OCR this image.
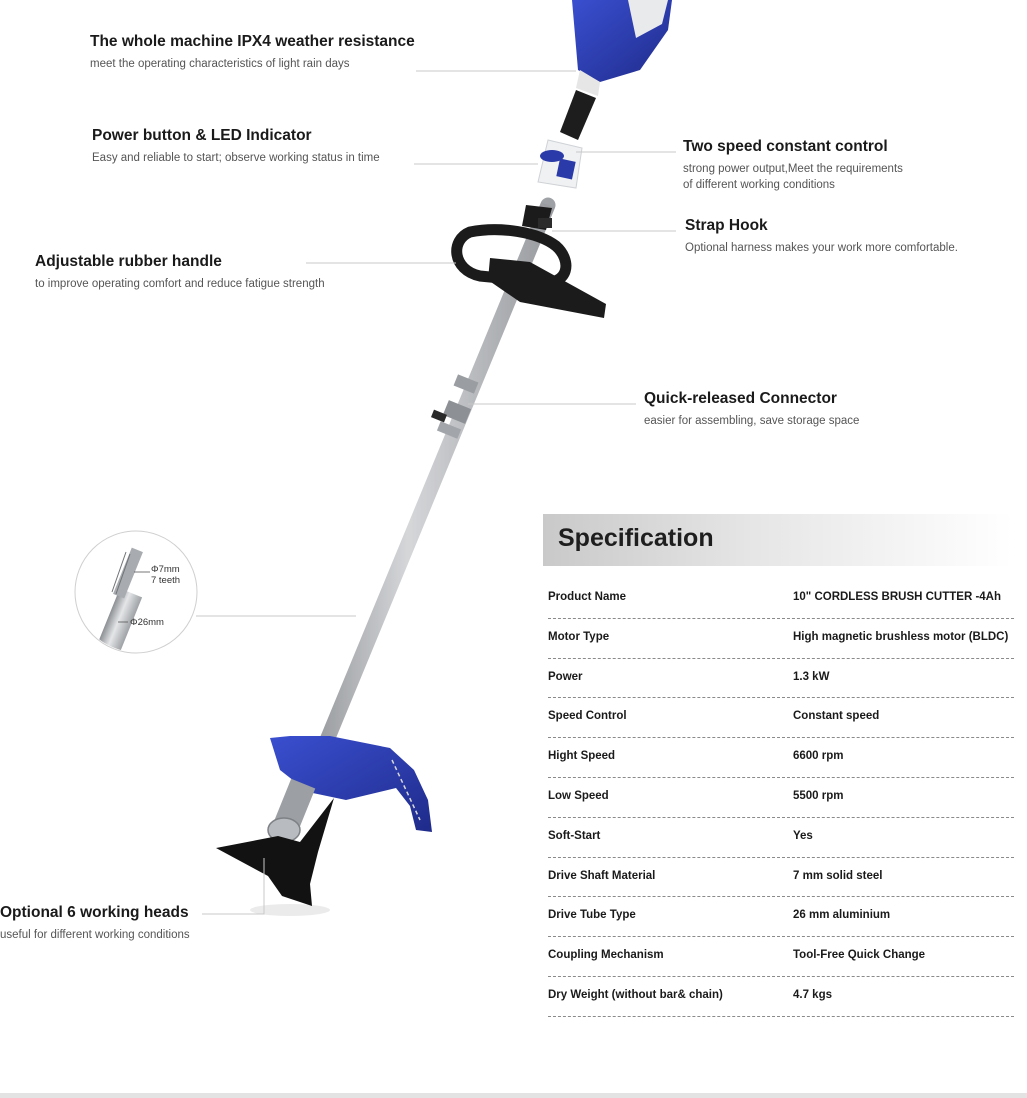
Φ7mm
7 teeth
Φ26mm
The whole machine IPX4 weather resistance
meet the operating characteristics of light rain days
Power button & LED Indicator
Easy and reliable to start; observe working status in time
Adjustable rubber handle
to improve operating comfort and reduce fatigue strength
Optional 6 working heads
useful for different working conditions
Two speed constant control
strong power output,Meet the requirements
of different working conditions
Strap Hook
Optional harness makes your work more comfortable.
Quick-released Connector
easier for assembling, save storage space
Specification
Product Name	10" CORDLESS BRUSH CUTTER -4Ah
Motor Type	High magnetic brushless motor (BLDC)
Power	1.3 kW
Speed Control	Constant speed
Hight Speed	6600 rpm
Low Speed	5500 rpm
Soft-Start	Yes
Drive Shaft Material	7 mm solid steel
Drive Tube Type	26 mm aluminium
Coupling Mechanism	Tool-Free Quick Change
Dry Weight (without bar& chain)	4.7 kgs
